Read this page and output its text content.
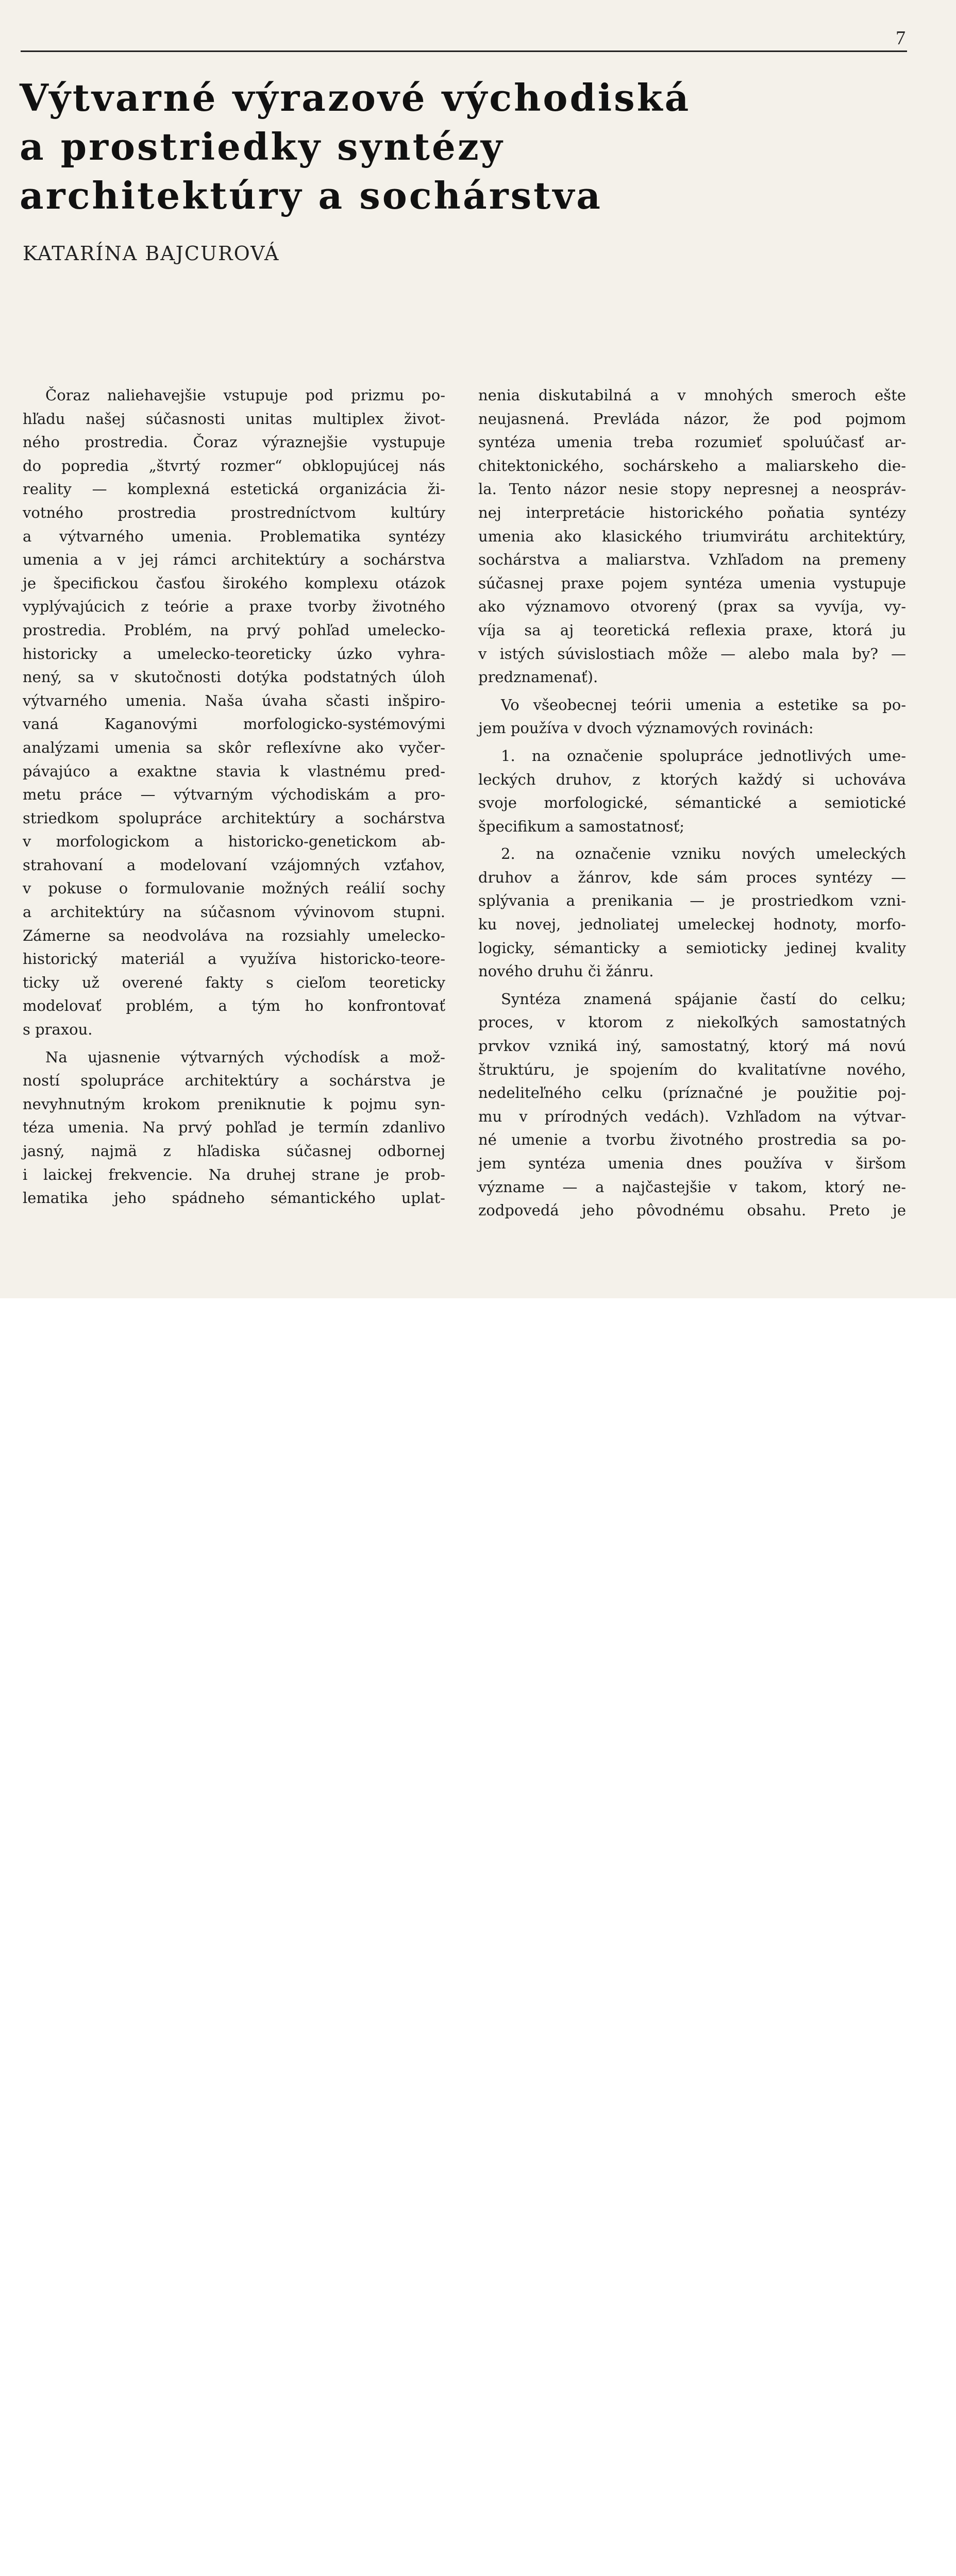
7
Výtvarné výrazové východiská
a prostriedky syntézy
architektúry a sochárstva
KATARÍNA BAJCUROVÁ
Čoraz naliehavejšie vstupuje pod prizmu po-
hľadu našej súčasnosti unitas multiplex život-
ného prostredia. Čoraz výraznejšie vystupuje
do popredia „štvrtý rozmer“ obklopujúcej nás
reality — komplexná estetická organizácia ži-
votného prostredia prostredníctvom kultúry
a výtvarného umenia. Problematika syntézy
umenia a v jej rámci architektúry a sochárstva
je špecifickou časťou širokého komplexu otázok
vyplývajúcich z teórie a praxe tvorby životného
prostredia. Problém, na prvý pohľad umelecko-
historicky a umelecko-teoreticky úzko vyhra-
nený, sa v skutočnosti dotýka podstatných úloh
výtvarného umenia. Naša úvaha sčasti inšpiro-
vaná Kaganovými morfologicko-systémovými
analýzami umenia sa skôr reflexívne ako vyčer-
pávajúco a exaktne stavia k vlastnému pred-
metu práce — výtvarným východiskám a pro-
striedkom spolupráce architektúry a sochárstva
v morfologickom a historicko-genetickom ab-
strahovaní a modelovaní vzájomných vzťahov,
v pokuse o formulovanie možných reálií sochy
a architektúry na súčasnom vývinovom stupni.
Zámerne sa neodvoláva na rozsiahly umelecko-
historický materiál a využíva historicko-teore-
ticky už overené fakty s cieľom teoreticky
modelovať problém, a tým ho konfrontovať
s praxou.
Na ujasnenie výtvarných východísk a mož-
ností spolupráce architektúry a sochárstva je
nevyhnutným krokom preniknutie k pojmu syn-
téza umenia. Na prvý pohľad je termín zdanlivo
jasný, najmä z hľadiska súčasnej odbornej
i laickej frekvencie. Na druhej strane je prob-
lematika jeho spádneho sémantického uplat-
nenia diskutabilná a v mnohých smeroch ešte
neujasnená. Prevláda názor, že pod pojmom
syntéza umenia treba rozumieť spoluúčasť ar-
chitektonického, sochárskeho a maliarskeho die-
la. Tento názor nesie stopy nepresnej a neospráv-
nej interpretácie historického poňatia syntézy
umenia ako klasického triumvirátu architektúry,
sochárstva a maliarstva. Vzhľadom na premeny
súčasnej praxe pojem syntéza umenia vystupuje
ako významovo otvorený (prax sa vyvíja, vy-
víja sa aj teoretická reflexia praxe, ktorá ju
v istých súvislostiach môže — alebo mala by? —
predznamenať).
Vo všeobecnej teórii umenia a estetike sa po-
jem používa v dvoch významových rovinách:
1. na označenie spolupráce jednotlivých ume-
leckých druhov, z ktorých každý si uchováva
svoje morfologické, sémantické a semiotické
špecifikum a samostatnosť;
2. na označenie vzniku nových umeleckých
druhov a žánrov, kde sám proces syntézy —
splývania a prenikania — je prostriedkom vzni-
ku novej, jednoliatej umeleckej hodnoty, morfo-
logicky, sémanticky a semioticky jedinej kvality
nového druhu či žánru.
Syntéza znamená spájanie častí do celku;
proces, v ktorom z niekoľkých samostatných
prvkov vzniká iný, samostatný, ktorý má novú
štruktúru, je spojením do kvalitatívne nového,
nedeliteľného celku (príznačné je použitie poj-
mu v prírodných vedách). Vzhľadom na výtvar-
né umenie a tvorbu životného prostredia sa po-
jem syntéza umenia dnes používa v širšom
význame — a najčastejšie v takom, ktorý ne-
zodpovedá jeho pôvodnému obsahu. Preto je
